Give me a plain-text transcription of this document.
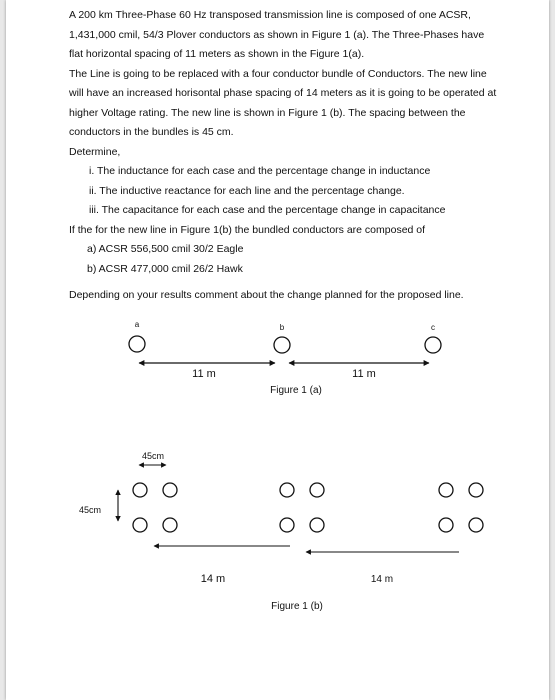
A 200 km Three-Phase 60 Hz transposed transmission line is composed of one ACSR, 1,431,000 cmil, 54/3 Plover conductors as shown in Figure 1 (a). The Three-Phases have flat horizontal spacing of 11 meters as shown in the Figure 1(a).

The Line is going to be replaced with a four conductor bundle of Conductors. The new line will have an increased horisontal phase spacing of 14 meters as it is going to be operated at higher Voltage rating. The new line is shown in Figure 1 (b). The spacing between the conductors in the bundles is 45 cm.

Determine,

i. The inductance for each case and the percentage change in inductance

ii. The inductive reactance for each line and the percentage change.

iii. The capacitance for each case and the percentage change in capacitance

If the for the new line in Figure 1(b) the bundled conductors are composed of

a) ACSR 556,500 cmil 30/2 Eagle

b) ACSR 477,000 cmil 26/2 Hawk

Depending on your results comment about the change planned for the proposed line.

a	b	c
11 m	11 m
Figure 1 (a)
45cm
45cm
14 m	14 m
Figure 1 (b)
